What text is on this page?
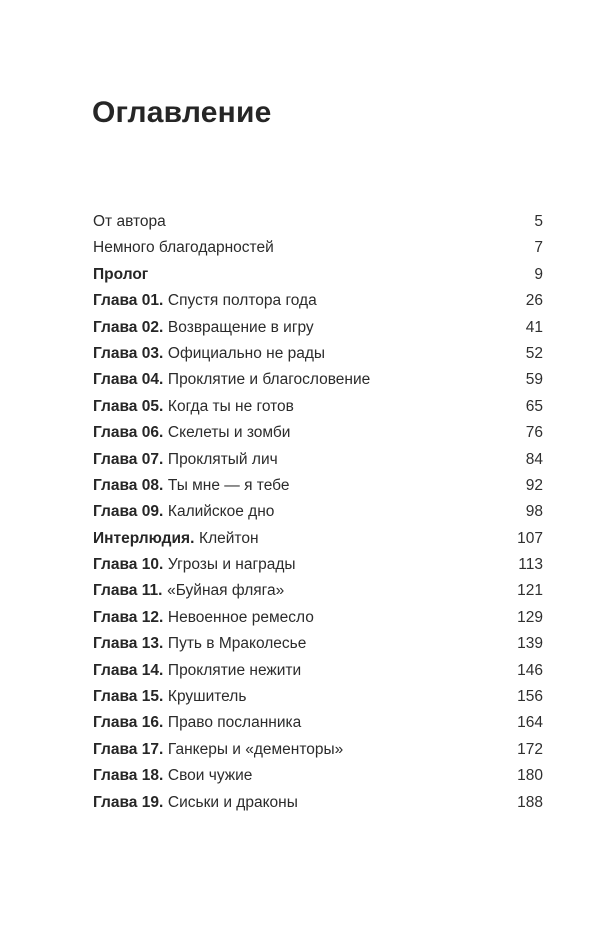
Оглавление
От автора	5
Немного благодарностей	7
Пролог	9
Глава 01. Спустя полтора года	26
Глава 02. Возвращение в игру	41
Глава 03. Официально не рады	52
Глава 04. Проклятие и благословение	59
Глава 05. Когда ты не готов	65
Глава 06. Скелеты и зомби	76
Глава 07. Проклятый лич	84
Глава 08. Ты мне — я тебе	92
Глава 09. Калийское дно	98
Интерлюдия. Клейтон	107
Глава 10. Угрозы и награды	113
Глава 11. «Буйная фляга»	121
Глава 12. Невоенное ремесло	129
Глава 13. Путь в Мраколесье	139
Глава 14. Проклятие нежити	146
Глава 15. Крушитель	156
Глава 16. Право посланника	164
Глава 17. Ганкеры и «дементоры»	172
Глава 18. Свои чужие	180
Глава 19. Сиськи и драконы	188
